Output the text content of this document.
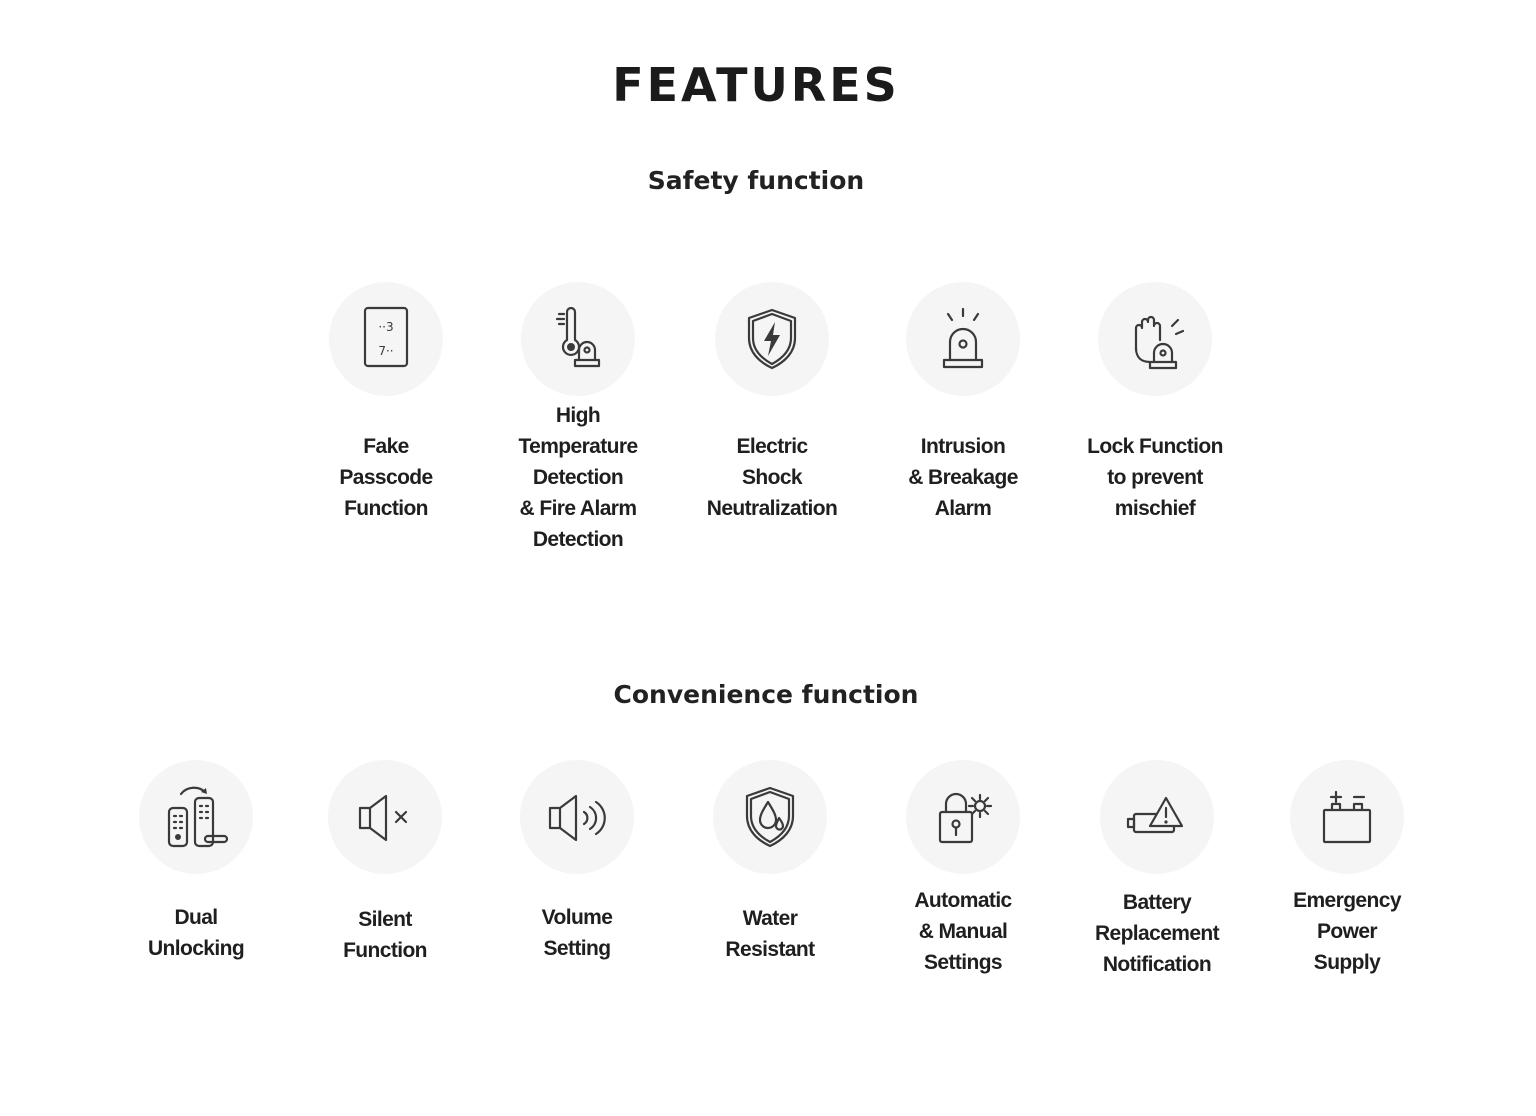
FEATURES
Safety function
··3
7··
Fake
Passcode
Function
High
Temperature
Detection
& Fire Alarm
Detection
Electric
Shock
Neutralization
Intrusion
& Breakage
Alarm
Lock Function
to prevent
mischief
Convenience function
Dual
Unlocking
Silent
Function
Volume
Setting
Water
Resistant
Automatic
& Manual
Settings
Battery
Replacement
Notification
Emergency
Power
Supply
